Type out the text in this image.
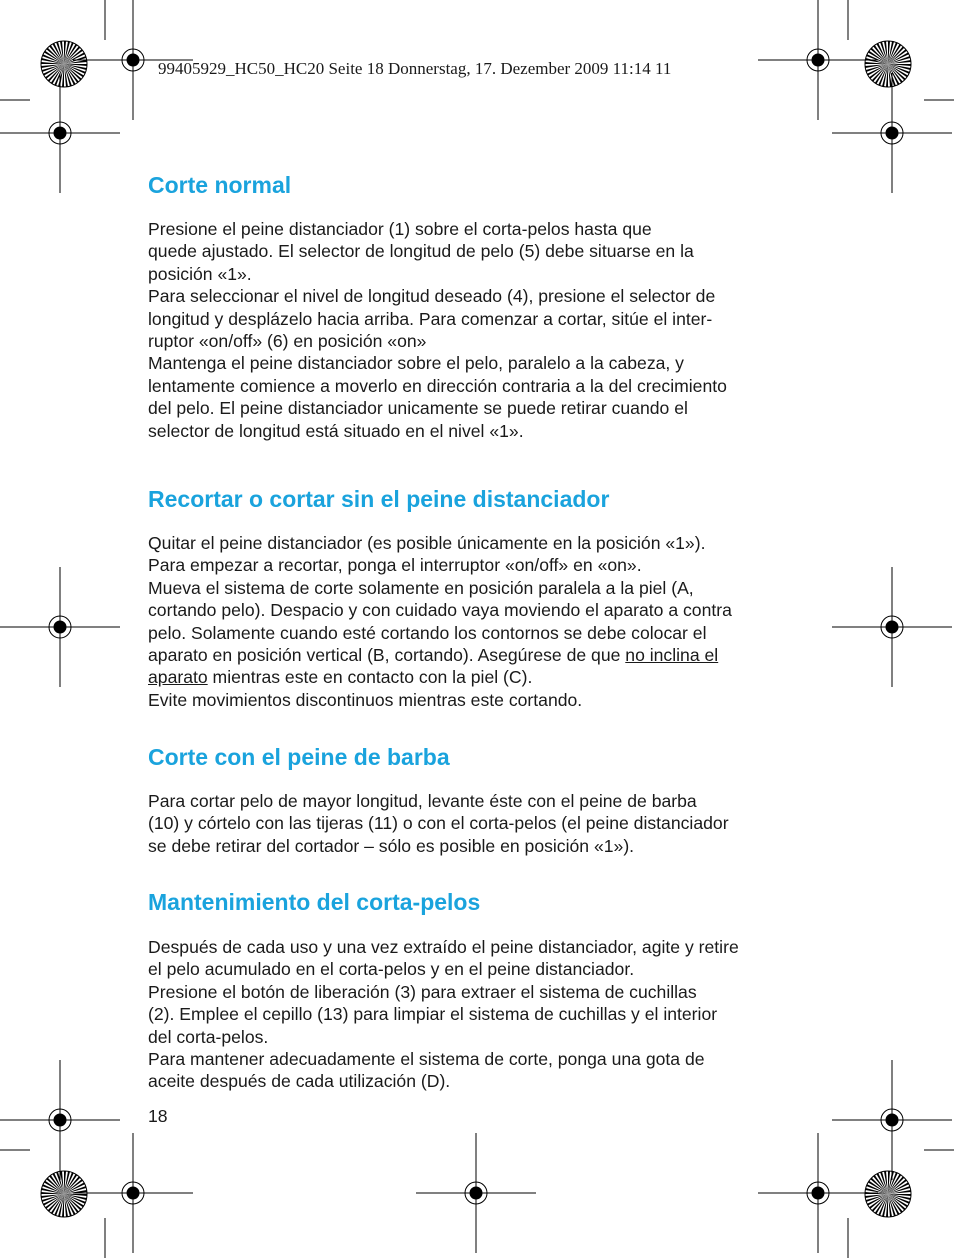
99405929_HC50_HC20 Seite 18 Donnerstag, 17. Dezember 2009 11:14 11
Corte normal
Presione el peine distanciador (1) sobre el corta-pelos hasta que
quede ajustado. El selector de longitud de pelo (5) debe situarse en la
posición «1».
Para seleccionar el nivel de longitud deseado (4), presione el selector de
longitud y desplázelo hacia arriba. Para comenzar a cortar, sitúe el inter-
ruptor «on/off» (6) en posición «on»
Mantenga el peine distanciador sobre el pelo, paralelo a la cabeza, y
lentamente comience a moverlo en dirección contraria a la del crecimiento
del pelo. El peine distanciador unicamente se puede retirar cuando el
selector de longitud está situado en el nivel «1».
Recortar o cortar sin el peine distanciador
Quitar el peine distanciador (es posible únicamente en la posición «1»).
Para empezar a recortar, ponga el interruptor «on/off» en «on».
Mueva el sistema de corte solamente en posición paralela a la piel (A,
cortando pelo). Despacio y con cuidado vaya moviendo el aparato a contra
pelo. Solamente cuando esté cortando los contornos se debe colocar el
aparato en posición vertical (B, cortando). Asegúrese de que no inclina el
aparato mientras este en contacto con la piel (C).
Evite movimientos discontinuos mientras este cortando.
Corte con el peine de barba
Para cortar pelo de mayor longitud, levante éste con el peine de barba
(10) y córtelo con las tijeras (11) o con el corta-pelos (el peine distanciador
se debe retirar del cortador – sólo es posible en posición «1»).
Mantenimiento del corta-pelos
Después de cada uso y una vez extraído el peine distanciador, agite y retire
el pelo acumulado en el corta-pelos y en el peine distanciador.
Presione el botón de liberación (3) para extraer el sistema de cuchillas
(2). Emplee el cepillo (13) para limpiar el sistema de cuchillas y el interior
del corta-pelos.
Para mantener adecuadamente el sistema de corte, ponga una gota de
aceite después de cada utilización (D).
18
